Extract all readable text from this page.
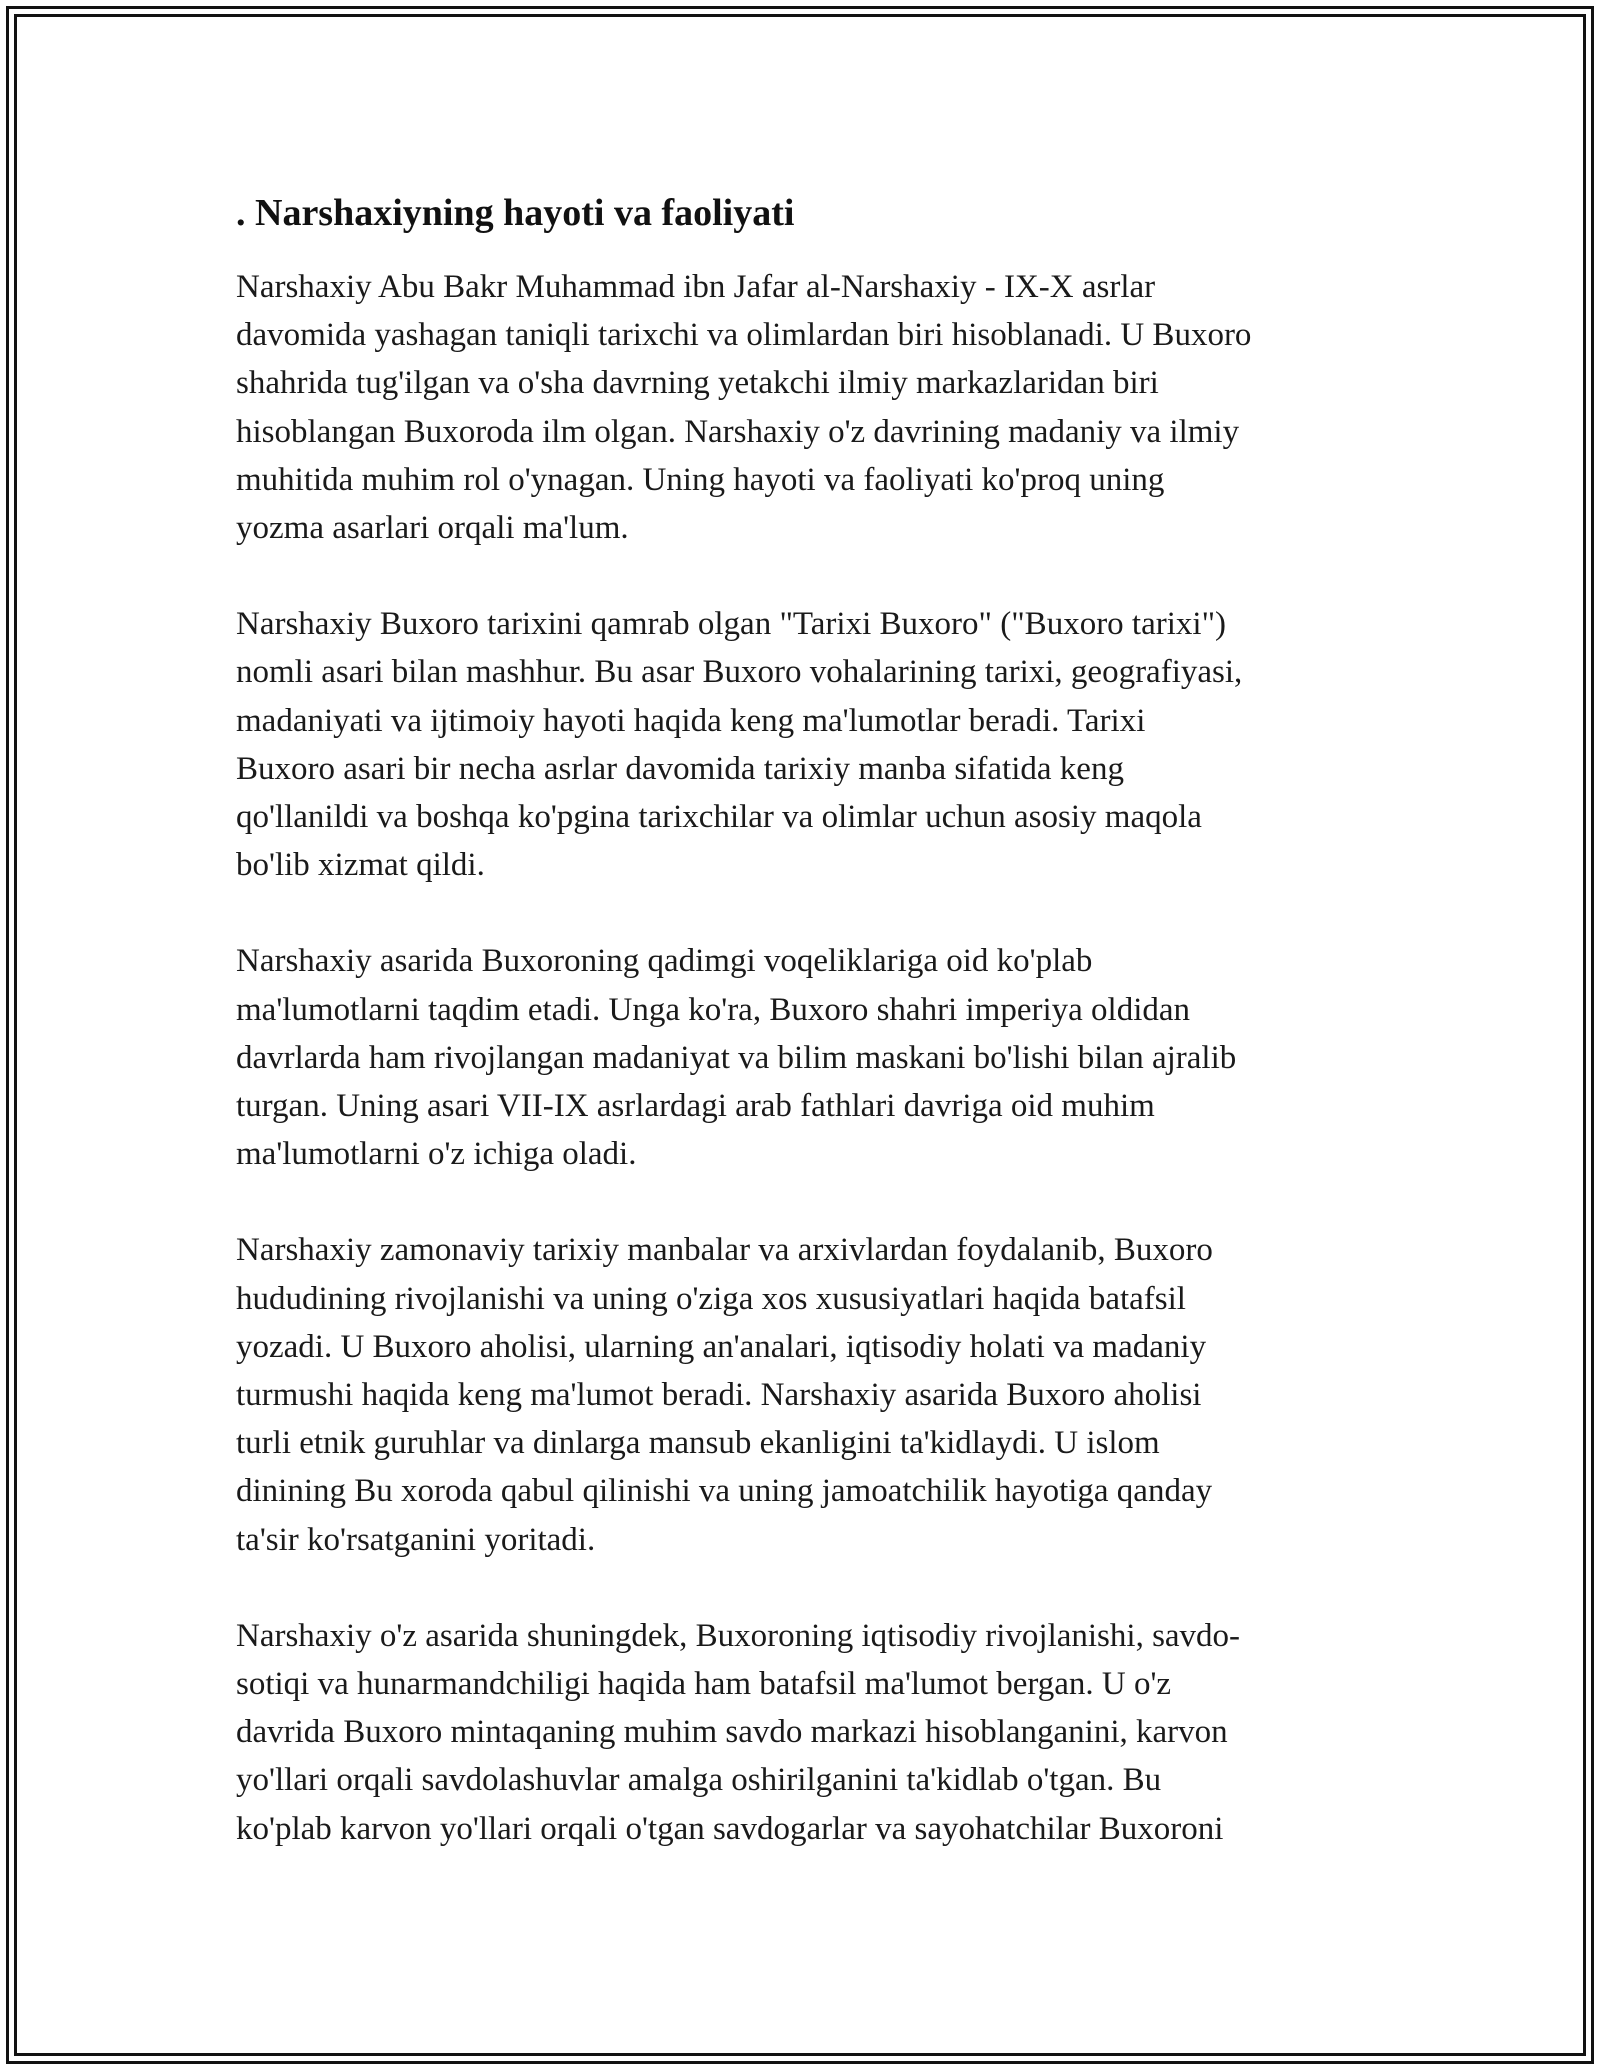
. Narshaxiyning hayoti va faoliyati

Narshaxiy Abu Bakr Muhammad ibn Jafar al-Narshaxiy - IX-X asrlar
davomida yashagan taniqli tarixchi va olimlardan biri hisoblanadi. U Buxoro
shahrida tug'ilgan va o'sha davrning yetakchi ilmiy markazlaridan biri
hisoblangan Buxoroda ilm olgan. Narshaxiy o'z davrining madaniy va ilmiy
muhitida muhim rol o'ynagan. Uning hayoti va faoliyati ko'proq uning
yozma asarlari orqali ma'lum.

Narshaxiy Buxoro tarixini qamrab olgan "Tarixi Buxoro" ("Buxoro tarixi")
nomli asari bilan mashhur. Bu asar Buxoro vohalarining tarixi, geografiyasi,
madaniyati va ijtimoiy hayoti haqida keng ma'lumotlar beradi. Tarixi
Buxoro asari bir necha asrlar davomida tarixiy manba sifatida keng
qo'llanildi va boshqa ko'pgina tarixchilar va olimlar uchun asosiy maqola
bo'lib xizmat qildi.

Narshaxiy asarida Buxoroning qadimgi voqeliklariga oid ko'plab
ma'lumotlarni taqdim etadi. Unga ko'ra, Buxoro shahri imperiya oldidan
davrlarda ham rivojlangan madaniyat va bilim maskani bo'lishi bilan ajralib
turgan. Uning asari VII-IX asrlardagi arab fathlari davriga oid muhim
ma'lumotlarni o'z ichiga oladi.

Narshaxiy zamonaviy tarixiy manbalar va arxivlardan foydalanib, Buxoro
hududining rivojlanishi va uning o'ziga xos xususiyatlari haqida batafsil
yozadi. U Buxoro aholisi, ularning an'analari, iqtisodiy holati va madaniy
turmushi haqida keng ma'lumot beradi. Narshaxiy asarida Buxoro aholisi
turli etnik guruhlar va dinlarga mansub ekanligini ta'kidlaydi. U islom
dinining Bu xoroda qabul qilinishi va uning jamoatchilik hayotiga qanday
ta'sir ko'rsatganini yoritadi.

Narshaxiy o'z asarida shuningdek, Buxoroning iqtisodiy rivojlanishi, savdo-
sotiqi va hunarmandchiligi haqida ham batafsil ma'lumot bergan. U o'z
davrida Buxoro mintaqaning muhim savdo markazi hisoblanganini, karvon
yo'llari orqali savdolashuvlar amalga oshirilganini ta'kidlab o'tgan. Bu
ko'plab karvon yo'llari orqali o'tgan savdogarlar va sayohatchilar Buxoroni
